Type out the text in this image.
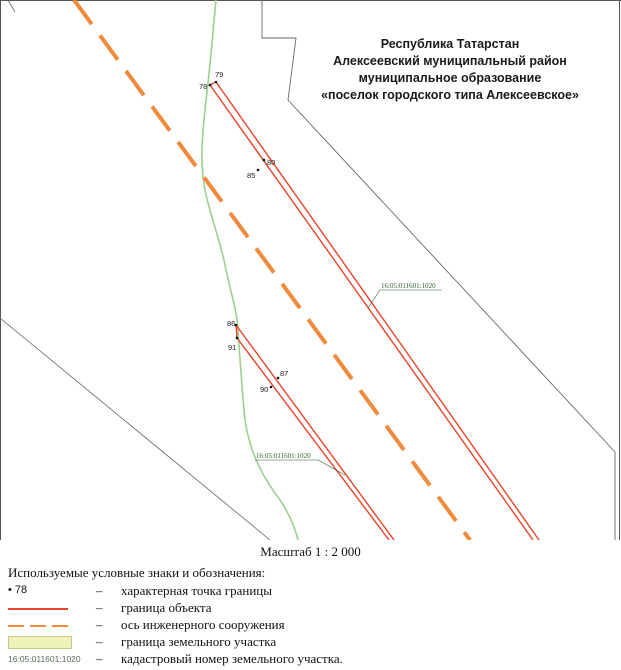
78
79
80
85
86
91
87
90
16:05:011601:1020
16:05:011601:1020
Республика Татарстан
Алексеевский муниципальный район
муниципальное образование
«поселок городского типа Алексеевское»
Масштаб 1 : 2 000
Используемые условные знаки и обозначения:
• 78	– характерная точка границы
– граница объекта
– ось инженерного сооружения
– граница земельного участка
16:05:011601:1020 – кадастровый номер земельного участка.
